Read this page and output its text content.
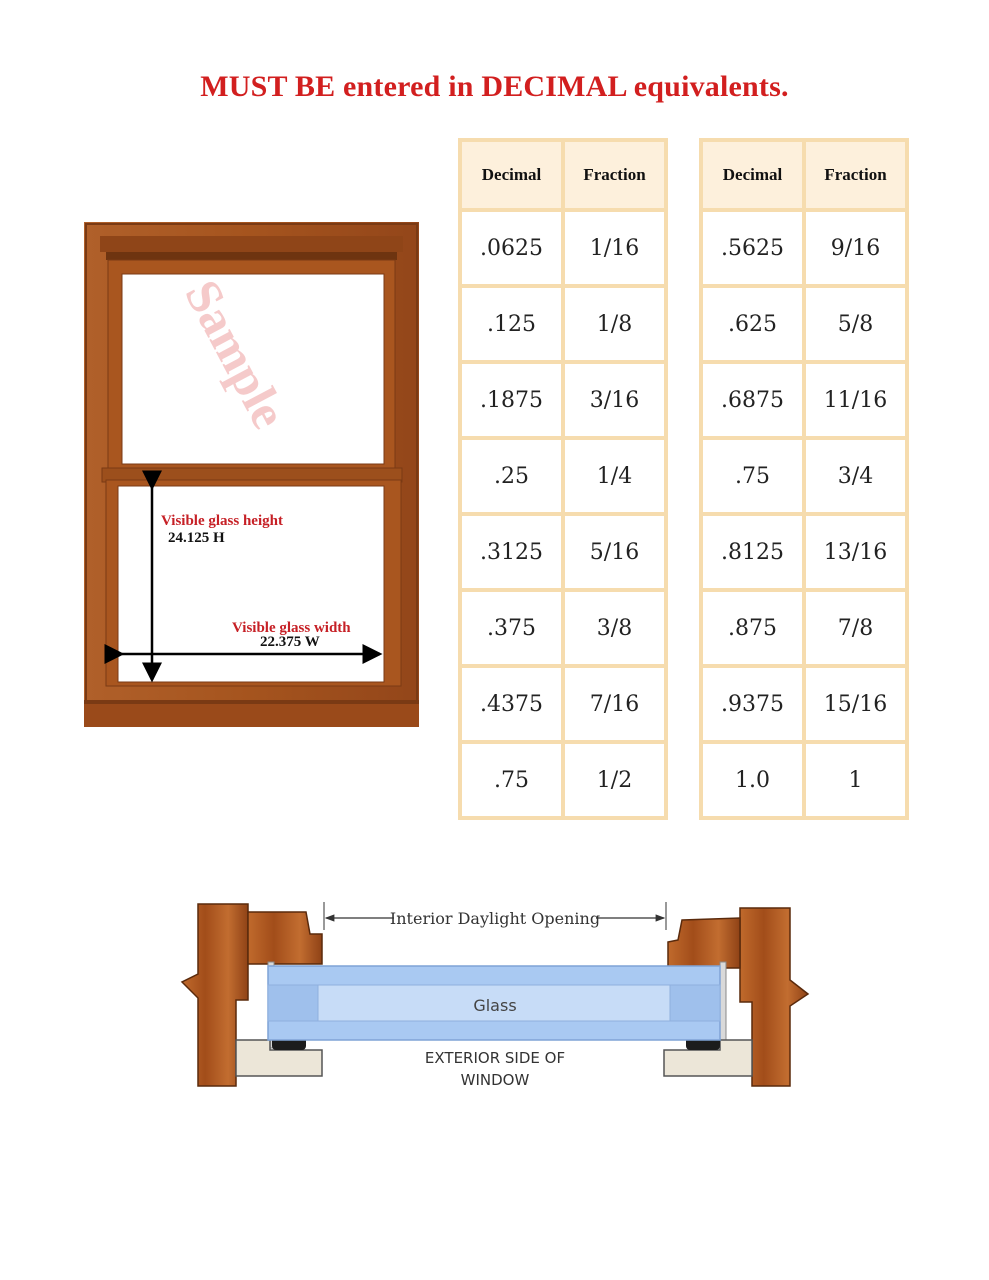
MUST BE entered in DECIMAL equivalents.
Decimal	Fraction
.0625	1/16
.125	1/8
.1875	3/16
.25	1/4
.3125	5/16
.375	3/8
.4375	7/16
.75	1/2
Decimal	Fraction
.5625	9/16
.625	5/8
.6875	11/16
.75	3/4
.8125	13/16
.875	7/8
.9375	15/16
1.0	1
Sample
Visible glass height
24.125 H
Visible glass width
22.375 W
Interior Daylight Opening
Glass
EXTERIOR SIDE OF
WINDOW
